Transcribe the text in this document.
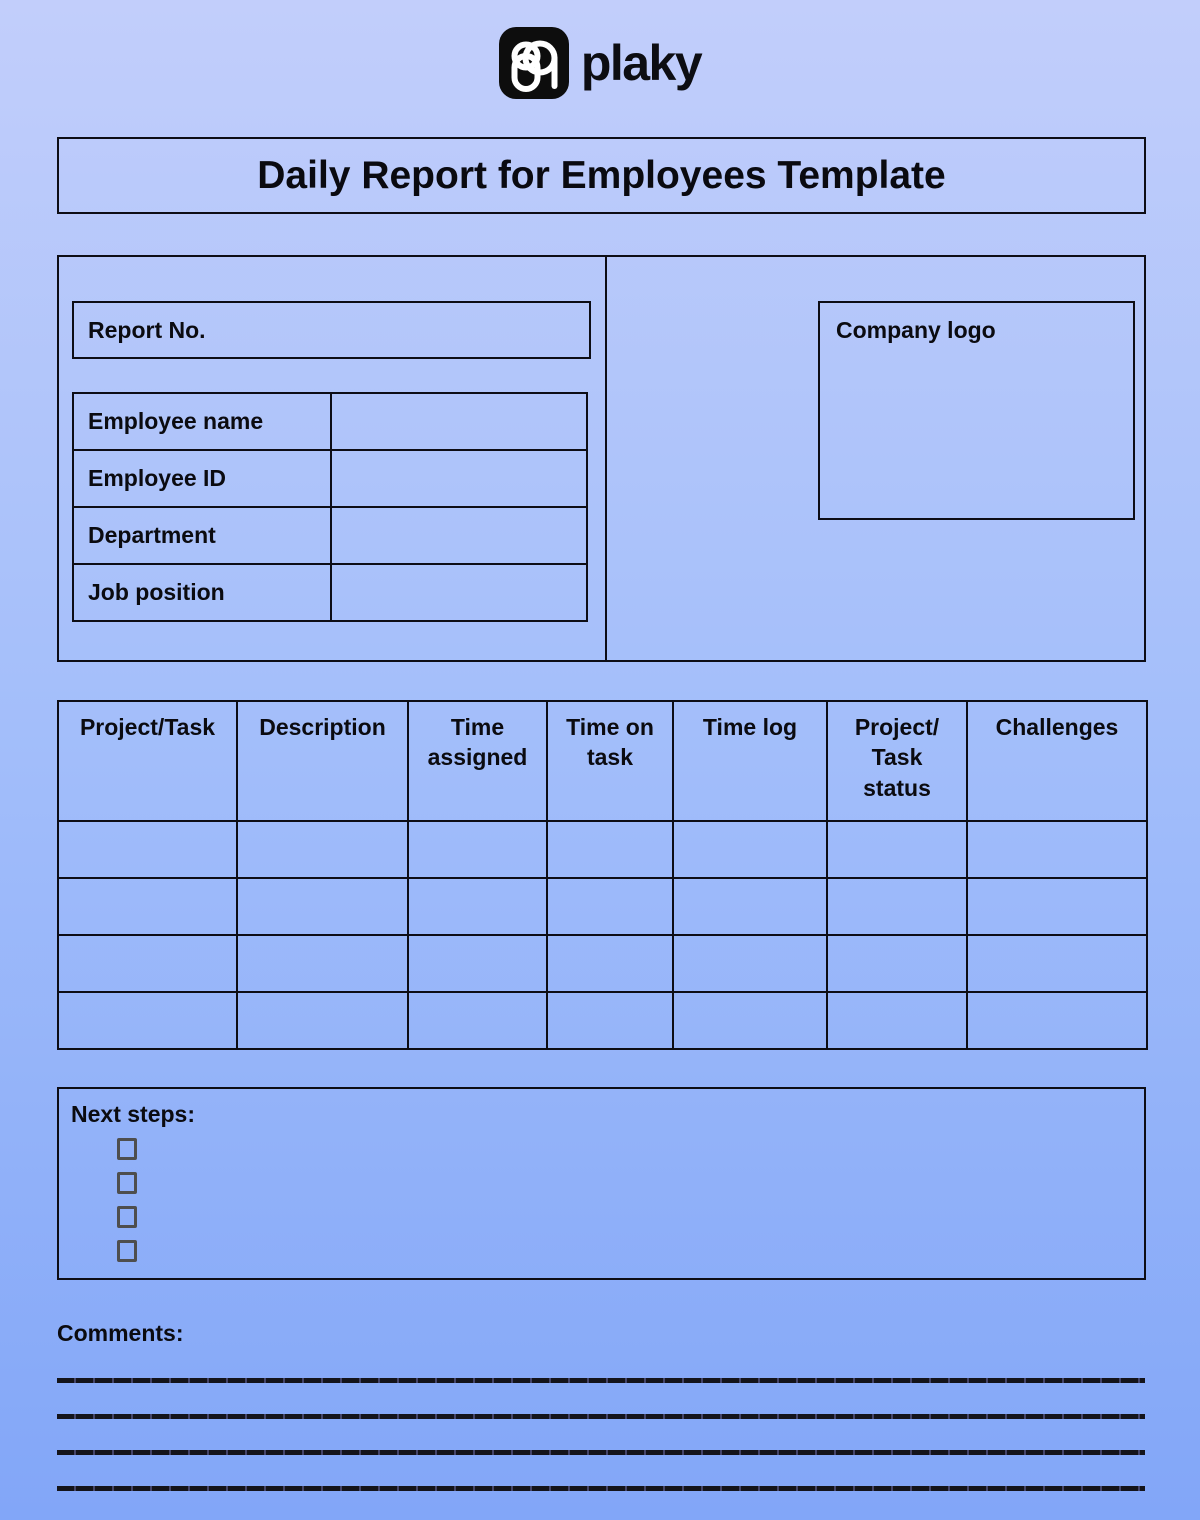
plaky
Daily Report for Employees Template
Report No.
Employee name	
Employee ID	
Department	
Job position	
Company logo
Project/Task	Description	Time assigned	Time on task	Time log	Project/​Task status	Challenges

Next steps:
Comments:
